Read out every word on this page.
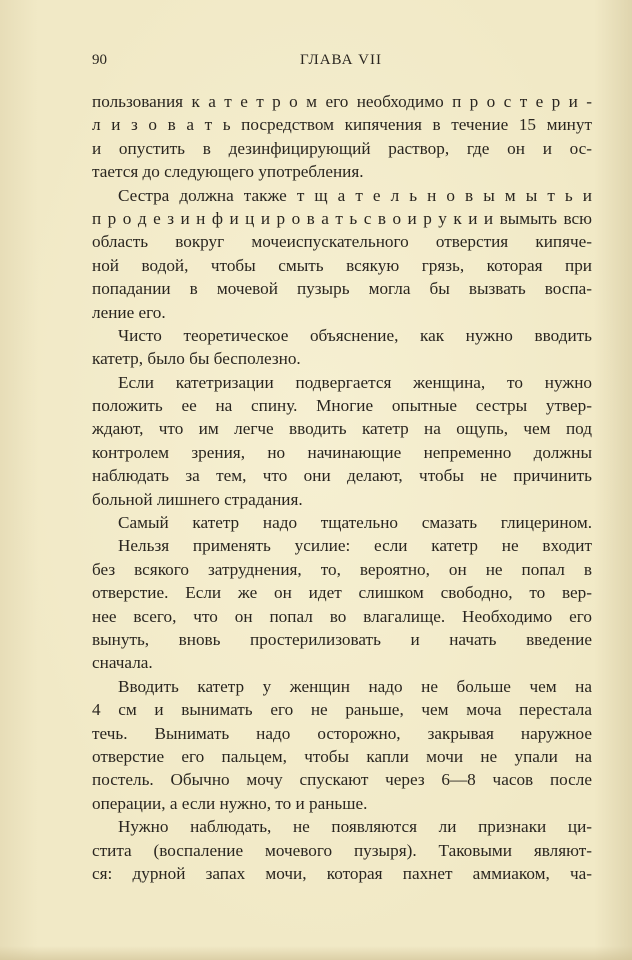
90	ГЛАВА VII
пользования к а т е т р о м его необходимо п р о с т е р и -
л и з о в а т ь посредством кипячения в течение 15 минут
и опустить в дезинфицирующий раствор, где он и ос-
тается до следующего употребления.
Сестра должна также т щ а т е л ь н о в ы м ы т ь и
п р о д е з и н ф и ц и р о в а т ь с в о и р у к и и вымыть всю
область вокруг мочеиспускательного отверстия кипяче-
ной водой, чтобы смыть всякую грязь, которая при
попадании в мочевой пузырь могла бы вызвать воспа-
ление его.
Чисто теоретическое объяснение, как нужно вводить
катетр, было бы бесполезно.
Если катетризации подвергается женщина, то нужно
положить ее на спину. Многие опытные сестры утвер-
ждают, что им легче вводить катетр на ощупь, чем под
контролем зрения, но начинающие непременно должны
наблюдать за тем, что они делают, чтобы не причинить
больной лишнего страдания.
Самый катетр надо тщательно смазать глицерином.
Нельзя применять усилие: если катетр не входит
без всякого затруднения, то, вероятно, он не попал в
отверстие. Если же он идет слишком свободно, то вер-
нее всего, что он попал во влагалище. Необходимо его
вынуть, вновь простерилизовать и начать введение
сначала.
Вводить катетр у женщин надо не больше чем на
4 см и вынимать его не раньше, чем моча перестала
течь. Вынимать надо осторожно, закрывая наружное
отверстие его пальцем, чтобы капли мочи не упали на
постель. Обычно мочу спускают через 6—8 часов после
операции, а если нужно, то и раньше.
Нужно наблюдать, не появляются ли признаки ци-
стита (воспаление мочевого пузыря). Таковыми являют-
ся: дурной запах мочи, которая пахнет аммиаком, ча-
